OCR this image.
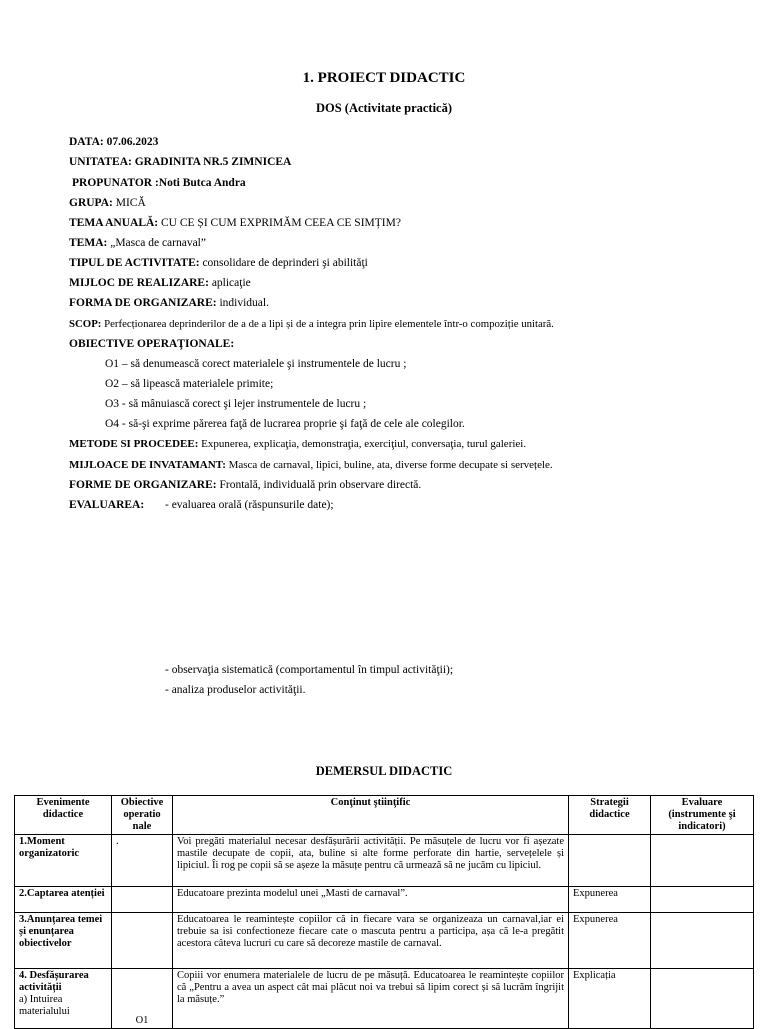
1. PROIECT DIDACTIC
DOS (Activitate practică)
DATA: 07.06.2023
UNITATEA: GRADINITA NR.5 ZIMNICEA
PROPUNATOR :Noti Butca Andra
GRUPA: MICĂ
TEMA ANUALĂ: CU CE ȘI CUM EXPRIMĂM CEEA CE SIMȚIM?
TEMA: „Masca de carnaval”
TIPUL DE ACTIVITATE: consolidare de deprinderi şi abilităţi
MIJLOC DE REALIZARE: aplicaţie
FORMA DE ORGANIZARE: individual.
SCOP: Perfecționarea deprinderilor de a de a lipi și de a integra prin lipire elementele într-o compoziție unitară.
OBIECTIVE OPERAŢIONALE:
O1 – să denumească corect materialele şi instrumentele de lucru ;
O2 – să lipească materialele primite;
O3 - să mânuiască corect şi lejer instrumentele de lucru ;
O4 - să-şi exprime părerea faţă de lucrarea proprie şi faţă de cele ale colegilor.
METODE SI PROCEDEE: Expunerea, explicaţia, demonstraţia, exerciţiul, conversaţia, turul galeriei.
MIJLOACE DE INVATAMANT: Masca de carnaval, lipici, buline, ata, diverse forme decupate si servețele.
FORME DE ORGANIZARE: Frontală, individuală prin observare directă.
EVALUAREA: - evaluarea orală (răspunsurile date);
- observaţia sistematică (comportamentul în timpul activităţii);
- analiza produselor activităţii.
DEMERSUL DIDACTIC
Evenimente didactice	Obiective operatio nale	Conţinut ştiinţific	Strategii didactice	Evaluare (instrumente şi indicatori)
1.Moment organizatoric	.	Voi pregăti materialul necesar desfășurării activității. Pe măsuțele de lucru vor fi așezate mastile decupate de copii, ata, buline si alte forme perforate din hartie, servețelele și lipiciul. Îi rog pe copii să se așeze la măsuțe pentru că urmează să ne jucăm cu lipiciul.		
2.Captarea atenției		Educatoare prezinta modelul unei „Masti de carnaval”.	Expunerea	
3.Anunțarea temei și enunțarea obiectivelor		Educatoarea le reamintește copiilor că in fiecare vara se organizeaza un carnaval,iar ei trebuie sa isi confectioneze fiecare cate o mascuta pentru a participa, așa că le-a pregătit acestora câteva lucruri cu care să decoreze mastile de carnaval.	Expunerea	
4. Desfășurarea activității
a) Intuirea materialului	O1	Copiii vor enumera materialele de lucru de pe măsuță. Educatoarea le reamintește copiilor că „Pentru a avea un aspect cât mai plăcut noi va trebui să lipim corect și să lucrăm îngrijit la măsuțe.”	Explicația	
